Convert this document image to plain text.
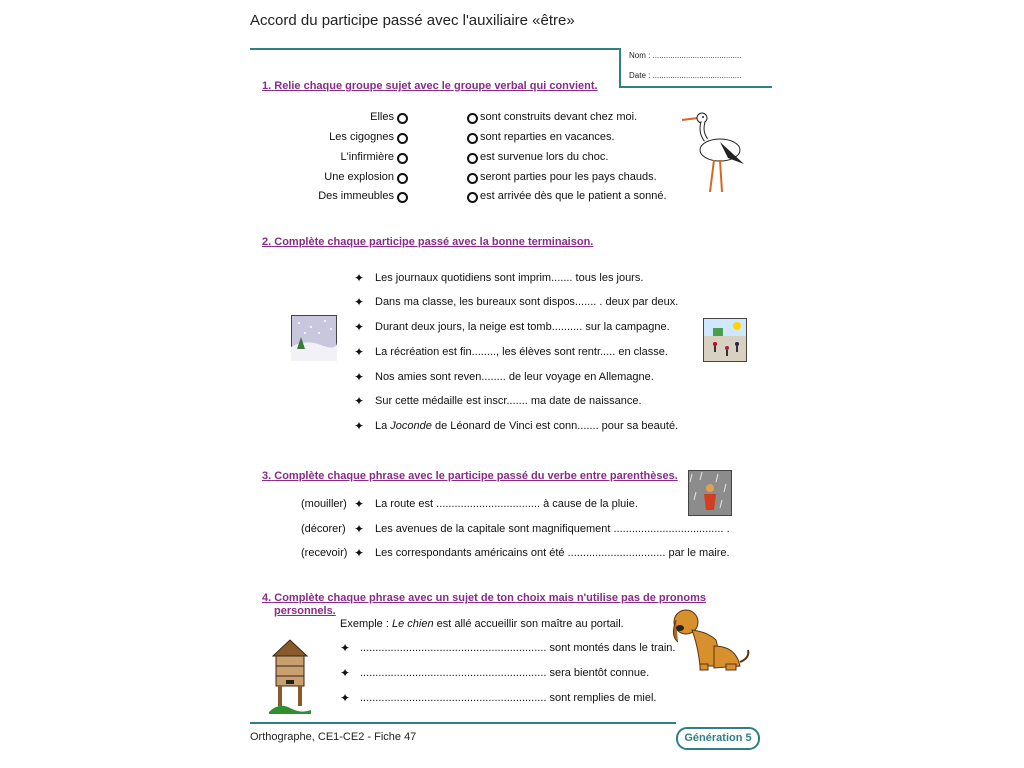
Accord du participe passé avec l'auxiliaire «être»
Nom : ........................................
Date : ........................................
1. Relie chaque groupe sujet avec le groupe verbal qui convient.
Elles
Les cigognes
L'infirmière
Une explosion
Des immeubles
sont construits devant chez moi.
sont reparties en vacances.
est survenue lors du choc.
seront parties pour les pays chauds.
est arrivée dès que le patient a sonné.
2. Complète chaque participe passé avec la bonne terminaison.
✦ Les journaux quotidiens sont imprim....... tous les jours.
✦ Dans ma classe, les bureaux sont dispos....... . deux par deux.
✦ Durant deux jours, la neige est tomb.......... sur la campagne.
✦ La récréation est fin........, les élèves sont rentr..... en classe.
✦ Nos amies sont reven........ de leur voyage en Allemagne.
✦ Sur cette médaille est inscr....... ma date de naissance.
✦ La Joconde de Léonard de Vinci est conn....... pour sa beauté.
3. Complète chaque phrase avec le participe passé du verbe entre parenthèses.
(mouiller) ✦ La route est .................................. à cause de la pluie.
(décorer) ✦ Les avenues de la capitale sont magnifiquement .................................... .
(recevoir) ✦ Les correspondants américains ont été ................................ par le maire.
4. Complète chaque phrase avec un sujet de ton choix mais n'utilise pas de pronoms
personnels.
Exemple : Le chien est allé accueillir son maître au portail.
✦ ............................................................. sont montés dans le train.
✦ ............................................................. sera bientôt connue.
✦ ............................................................. sont remplies de miel.
Orthographe, CE1-CE2 - Fiche 47	Génération 5
